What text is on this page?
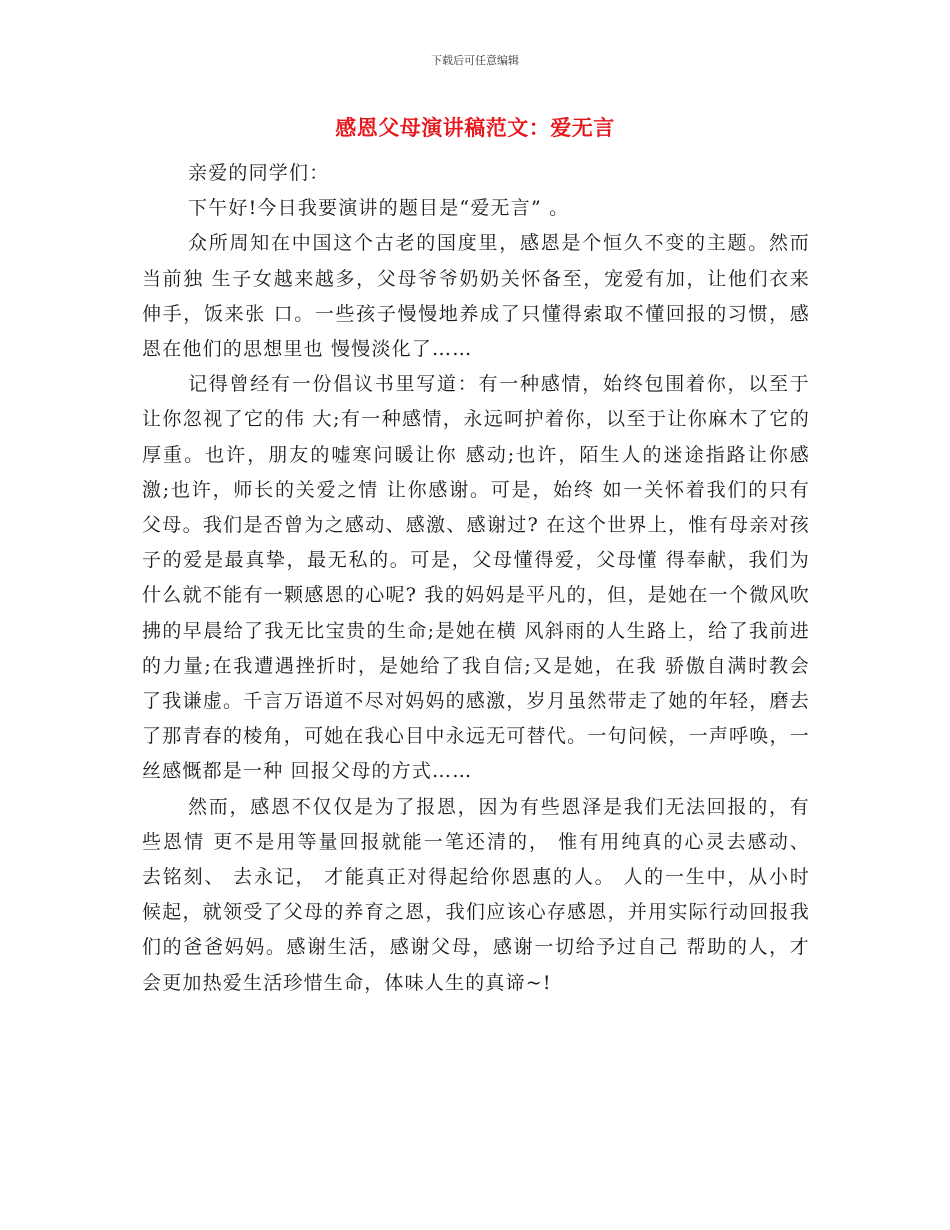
下载后可任意编辑
感恩父母演讲稿范文：爱无言

亲爱的同学们：

下午好!今日我要演讲的题目是“爱无言” 。

众所周知在中国这个古老的国度里，感恩是个恒久不变的主题。然而当前独 生子女越来越多，父母爷爷奶奶关怀备至，宠爱有加，让他们衣来伸手，饭来张 口。一些孩子慢慢地养成了只懂得索取不懂回报的习惯，感恩在他们的思想里也 慢慢淡化了……

记得曾经有一份倡议书里写道：有一种感情，始终包围着你，以至于让你忽视了它的伟 大;有一种感情，永远呵护着你，以至于让你麻木了它的厚重。也许，朋友的嘘寒问暖让你 感动;也许，陌生人的迷途指路让你感激;也许，师长的关爱之情 让你感谢。可是，始终 如一关怀着我们的只有父母。我们是否曾为之感动、感激、感谢过? 在这个世界上，惟有母亲对孩子的爱是最真挚，最无私的。可是，父母懂得爱，父母懂 得奉献，我们为什么就不能有一颗感恩的心呢? 我的妈妈是平凡的，但，是她在一个微风吹拂的早晨给了我无比宝贵的生命;是她在横 风斜雨的人生路上，给了我前进的力量;在我遭遇挫折时，是她给了我自信;又是她，在我 骄傲自满时教会了我谦虚。千言万语道不尽对妈妈的感激，岁月虽然带走了她的年轻，磨去 了那青春的棱角，可她在我心目中永远无可替代。一句问候，一声呼唤，一丝感慨都是一种 回报父母的方式……

然而，感恩不仅仅是为了报恩，因为有些恩泽是我们无法回报的，有些恩情 更不是用等量回报就能一笔还清的， 惟有用纯真的心灵去感动、 去铭刻、 去永记， 才能真正对得起给你恩惠的人。 人的一生中，从小时候起，就领受了父母的养育之恩，我们应该心存感恩，并用实际行动回报我们的爸爸妈妈。感谢生活，感谢父母，感谢一切给予过自己 帮助的人，才会更加热爱生活珍惜生命，体味人生的真谛~!
